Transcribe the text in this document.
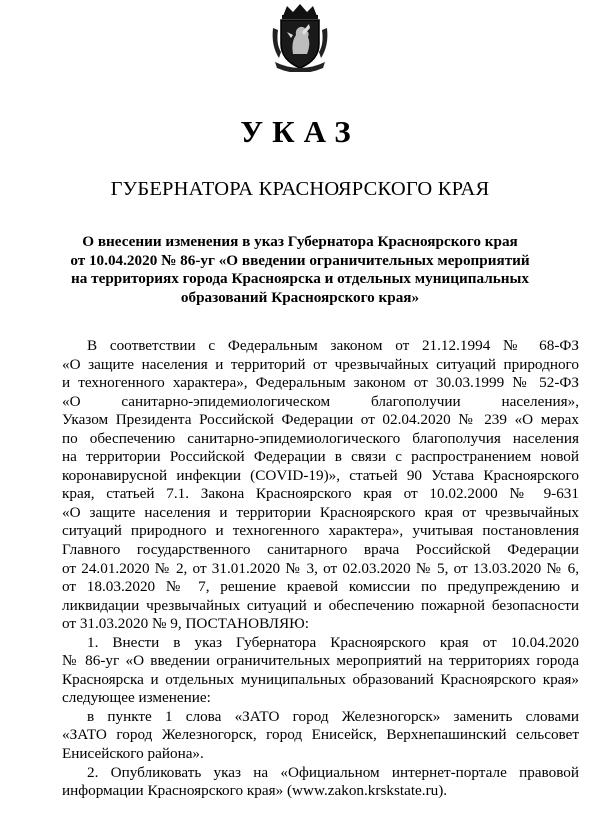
УКАЗ
ГУБЕРНАТОРА КРАСНОЯРСКОГО КРАЯ
О внесении изменения в указ Губернатора Красноярского края
от 10.04.2020 № 86-уг «О введении ограничительных мероприятий
на территориях города Красноярска и отдельных муниципальных
образований Красноярского края»
В соответствии с Федеральным законом от 21.12.1994 № 68-ФЗ
«О защите населения и территорий от чрезвычайных ситуаций природного
и техногенного характера», Федеральным законом от 30.03.1999 № 52-ФЗ
«О санитарно-эпидемиологическом благополучии населения»,
Указом Президента Российской Федерации от 02.04.2020 № 239 «О мерах
по обеспечению санитарно-эпидемиологического благополучия населения
на территории Российской Федерации в связи с распространением новой
коронавирусной инфекции (COVID-19)», статьей 90 Устава Красноярского
края, статьей 7.1. Закона Красноярского края от 10.02.2000 № 9-631
«О защите населения и территории Красноярского края от чрезвычайных
ситуаций природного и техногенного характера», учитывая постановления
Главного государственного санитарного врача Российской Федерации
от 24.01.2020 № 2, от 31.01.2020 № 3, от 02.03.2020 № 5, от 13.03.2020 № 6,
от 18.03.2020 № 7, решение краевой комиссии по предупреждению и
ликвидации чрезвычайных ситуаций и обеспечению пожарной безопасности
от 31.03.2020 № 9, ПОСТАНОВЛЯЮ:
1. Внести в указ Губернатора Красноярского края от 10.04.2020
№ 86-уг «О введении ограничительных мероприятий на территориях города
Красноярска и отдельных муниципальных образований Красноярского края»
следующее изменение:
в пункте 1 слова «ЗАТО город Железногорск» заменить словами
«ЗАТО город Железногорск, город Енисейск, Верхнепашинский сельсовет
Енисейского района».
2. Опубликовать указ на «Официальном интернет-портале правовой
информации Красноярского края» (www.zakon.krskstate.ru).
